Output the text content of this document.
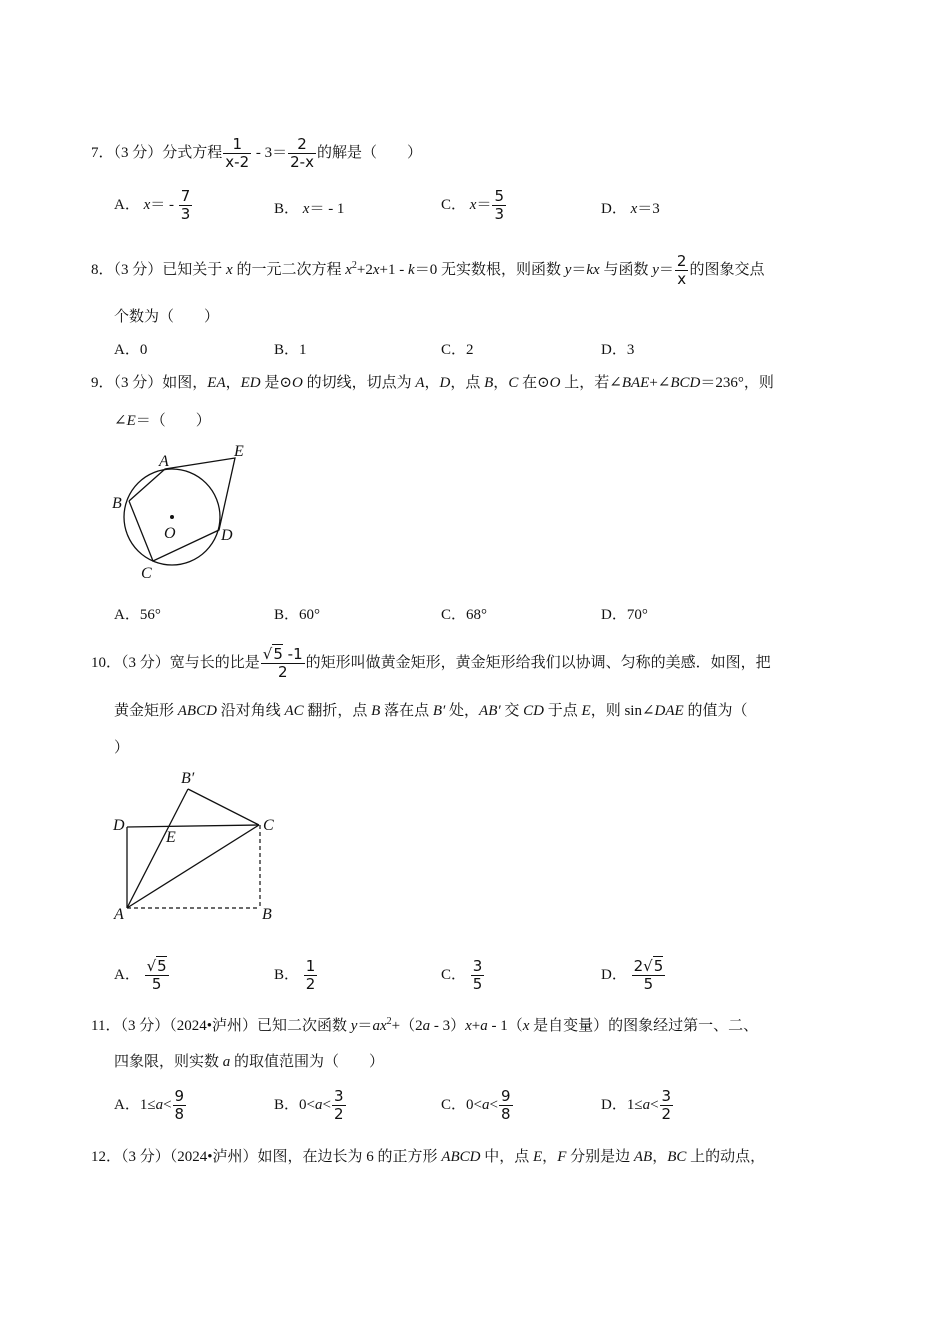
7．（3 分）分式方程 $\frac{1}{x-2} - 3= \frac{2}{2-x}$ 的解是（　　）
A． $x= - \frac{7}{3}$	B． x＝ - 1	C． $x= \frac{5}{3}$	D． x＝3
8．（3 分）已知关于 x 的一元二次方程 $x^2+2x+1 - k=0$ 无实数根，则函数 y＝kx 与函数 $y= \frac{2}{x}$ 的图象交点
个数为（　　）
A．0	B．1	C．2	D．3
9．（3 分）如图，EA，ED 是⊙O 的切线，切点为 A，D，点 B，C 在⊙O 上，若∠BAE+∠BCD＝236°，则
∠E＝（　　）
A
E
B
O	D
C
B′
D	C
E
A	B
A．56°	B．60°	C．68°	D．70°
10．（3 分）宽与长的比是 $\frac{√5 -1}{2}$ 的矩形叫做黄金矩形，黄金矩形给我们以协调、匀称的美感．如图，把
黄金矩形 ABCD 沿对角线 AC 翻折，点 B 落在点 B′ 处，AB′ 交 CD 于点 E，则 sin∠DAE 的值为（
）
A． $\frac{√5}{5}$	B． $\frac{1}{2}$	C． $\frac{3}{5}$	D． $\frac{2√5}{5}$
11．（3 分）（2024•泸州）已知二次函数 $y=ax^2+(2a - 3)x+a - 1(x$ 是自变量）的图象经过第一、二、
四象限，则实数 a 的取值范围为（　　）
A．$1\le a< \frac{9}{8}$	B．$0<a< \frac{3}{2}$	C．$0<a< \frac{9}{8}$	D．$1\le a< \frac{3}{2}$
12．（3 分）（2024•泸州）如图，在边长为 6 的正方形 ABCD 中，点 E，F 分别是边 AB，BC 上的动点，
